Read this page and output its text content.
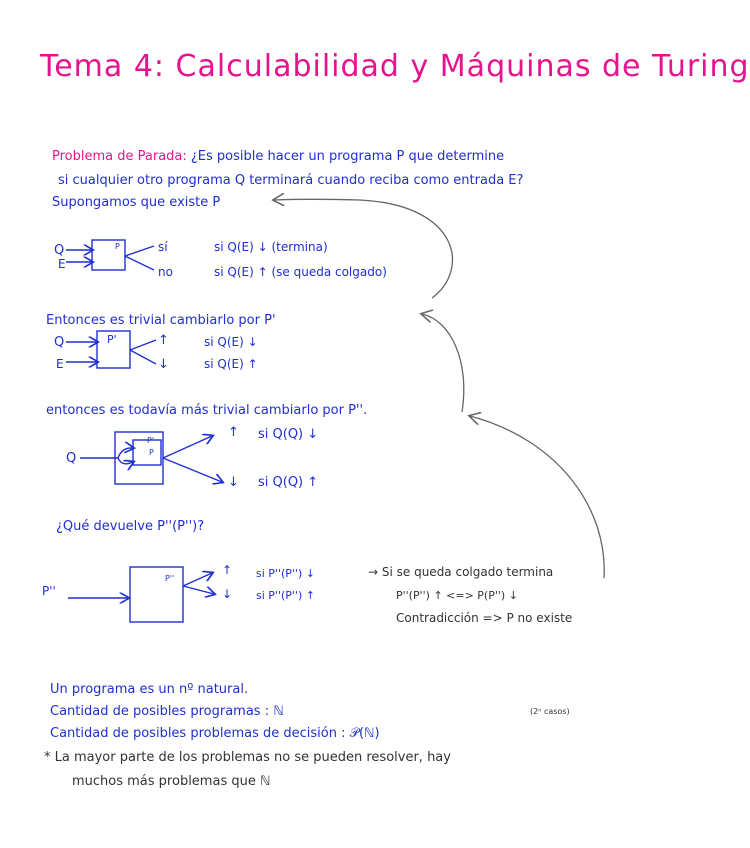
Tema 4: Calculabilidad y Máquinas de Turing
Problema de Parada: ¿Es posible hacer un programa P que determine
si cualquier otro programa Q terminará cuando reciba como entrada E?
Supongamos que existe P
Q
E
P	sí
no
si Q(E) ↓ (termina)
si Q(E) ↑ (se queda colgado)
Entonces es trivial cambiarlo por P'
Q
E
P'	↑
↓
si Q(E) ↓
si Q(E) ↑
entonces es todavía más trivial cambiarlo por P''.
Q
P'
P
↑
↓
si Q(Q) ↓
si Q(Q) ↑
¿Qué devuelve P''(P'')?
P''
P''
↑
↓
si P''(P'') ↓
si P''(P'') ↑
→ Si se queda colgado termina
P''(P'') ↑ <=> P(P'') ↓
Contradicción => P no existe
Un programa es un nº natural.
Cantidad de posibles programas : ℕ	(2ⁿ casos)
Cantidad de posibles problemas de decisión : 𝒫(ℕ)
* La mayor parte de los problemas no se pueden resolver, hay
muchos más problemas que ℕ
